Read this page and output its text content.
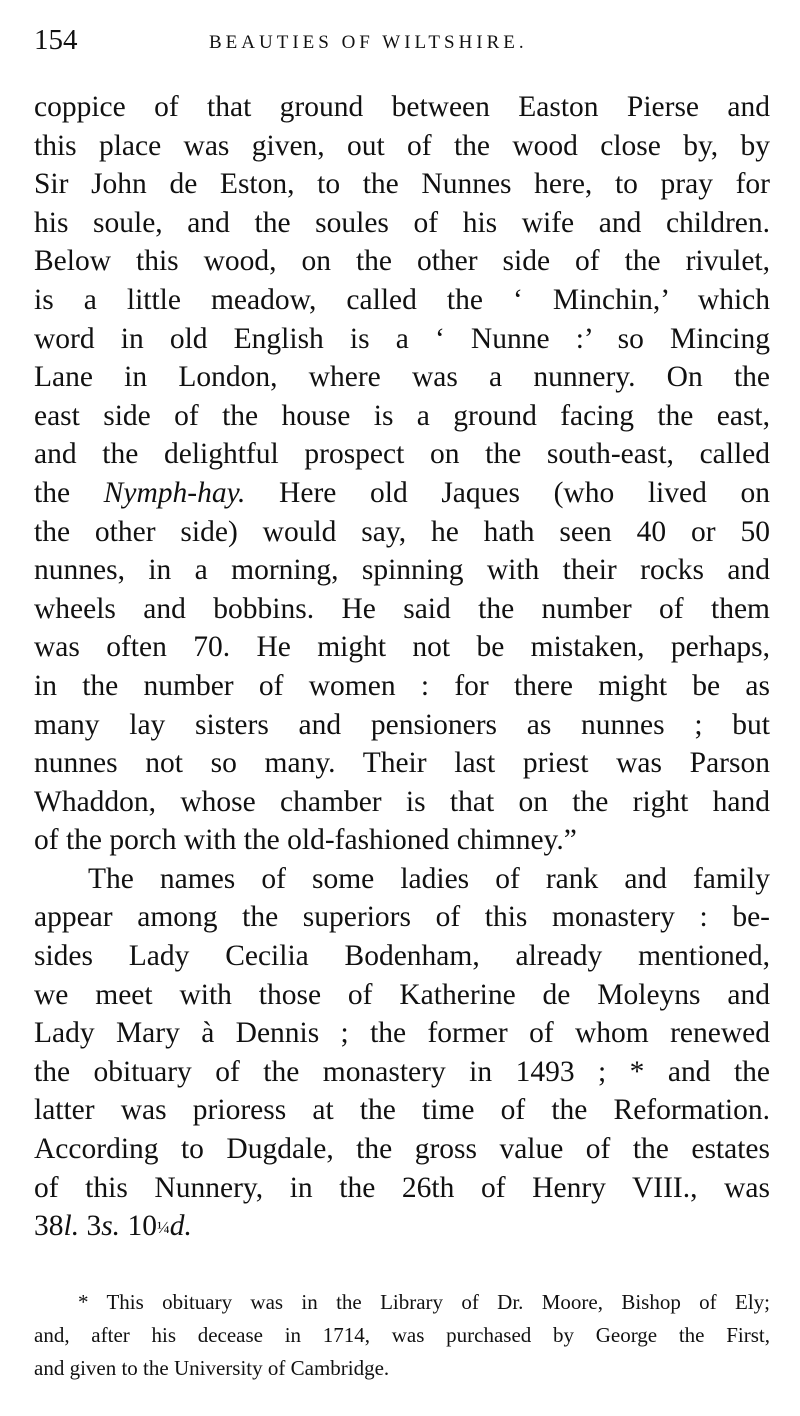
154	BEAUTIES OF WILTSHIRE.
coppice of that ground between Easton Pierse and
this place was given, out of the wood close by, by
Sir John de Eston, to the Nunnes here, to pray for
his soule, and the soules of his wife and children.
Below this wood, on the other side of the rivulet,
is a little meadow, called the ‘ Minchin,’ which
word in old English is a ‘ Nunne :’ so Mincing
Lane in London, where was a nunnery. On the
east side of the house is a ground facing the east,
and the delightful prospect on the south-east, called
the Nymph-hay. Here old Jaques (who lived on
the other side) would say, he hath seen 40 or 50
nunnes, in a morning, spinning with their rocks and
wheels and bobbins. He said the number of them
was often 70. He might not be mistaken, perhaps,
in the number of women : for there might be as
many lay sisters and pensioners as nunnes ; but
nunnes not so many. Their last priest was Parson
Whaddon, whose chamber is that on the right hand
of the porch with the old-fashioned chimney.”
The names of some ladies of rank and family
appear among the superiors of this monastery : be-
sides Lady Cecilia Bodenham, already mentioned,
we meet with those of Katherine de Moleyns and
Lady Mary à Dennis ; the former of whom renewed
the obituary of the monastery in 1493 ; * and the
latter was prioress at the time of the Reformation.
According to Dugdale, the gross value of the estates
of this Nunnery, in the 26th of Henry VIII., was
38l. 3s. 10¼d.
* This obituary was in the Library of Dr. Moore, Bishop of Ely;
and, after his decease in 1714, was purchased by George the First,
and given to the University of Cambridge.
